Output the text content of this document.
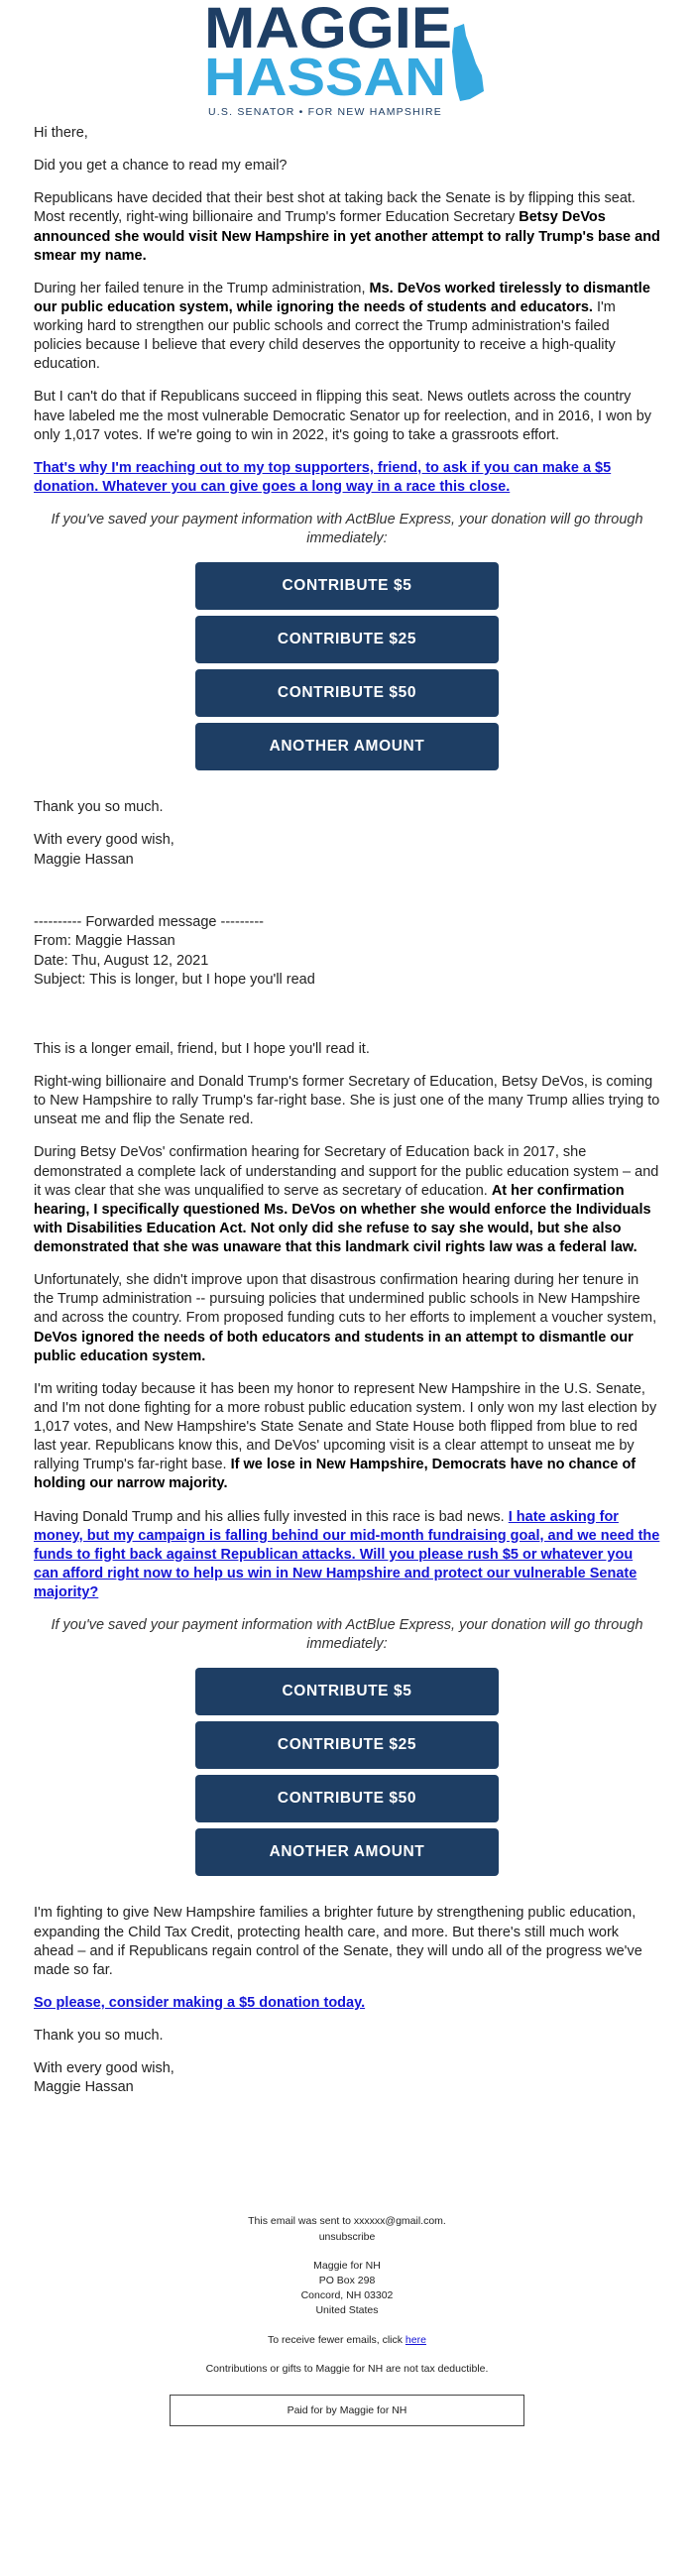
MAGGIE
HASSAN
U.S. SENATOR • FOR NEW HAMPSHIRE

Hi there,

Did you get a chance to read my email?

Republicans have decided that their best shot at taking back the Senate is by flipping this seat. Most recently, right-wing billionaire and Trump's former Education Secretary Betsy DeVos announced she would visit New Hampshire in yet another attempt to rally Trump's base and smear my name.

During her failed tenure in the Trump administration, Ms. DeVos worked tirelessly to dismantle our public education system, while ignoring the needs of students and educators. I'm working hard to strengthen our public schools and correct the Trump administration's failed policies because I believe that every child deserves the opportunity to receive a high-quality education.

But I can't do that if Republicans succeed in flipping this seat. News outlets across the country have labeled me the most vulnerable Democratic Senator up for reelection, and in 2016, I won by only 1,017 votes. If we're going to win in 2022, it's going to take a grassroots effort.

That's why I'm reaching out to my top supporters, friend, to ask if you can make a $5 donation. Whatever you can give goes a long way in a race this close.

If you've saved your payment information with ActBlue Express, your donation will go through immediately:

CONTRIBUTE $5
CONTRIBUTE $25
CONTRIBUTE $50
ANOTHER AMOUNT

Thank you so much.

With every good wish,
Maggie Hassan

---------- Forwarded message ---------
From: Maggie Hassan
Date: Thu, August 12, 2021
Subject: This is longer, but I hope you'll read

This is a longer email, friend, but I hope you'll read it.

Right-wing billionaire and Donald Trump's former Secretary of Education, Betsy DeVos, is coming to New Hampshire to rally Trump's far-right base. She is just one of the many Trump allies trying to unseat me and flip the Senate red.

During Betsy DeVos' confirmation hearing for Secretary of Education back in 2017, she demonstrated a complete lack of understanding and support for the public education system – and it was clear that she was unqualified to serve as secretary of education. At her confirmation hearing, I specifically questioned Ms. DeVos on whether she would enforce the Individuals with Disabilities Education Act. Not only did she refuse to say she would, but she also demonstrated that she was unaware that this landmark civil rights law was a federal law.

Unfortunately, she didn't improve upon that disastrous confirmation hearing during her tenure in the Trump administration -- pursuing policies that undermined public schools in New Hampshire and across the country. From proposed funding cuts to her efforts to implement a voucher system, DeVos ignored the needs of both educators and students in an attempt to dismantle our public education system.

I'm writing today because it has been my honor to represent New Hampshire in the U.S. Senate, and I'm not done fighting for a more robust public education system. I only won my last election by 1,017 votes, and New Hampshire's State Senate and State House both flipped from blue to red last year. Republicans know this, and DeVos' upcoming visit is a clear attempt to unseat me by rallying Trump's far-right base. If we lose in New Hampshire, Democrats have no chance of holding our narrow majority.

Having Donald Trump and his allies fully invested in this race is bad news. I hate asking for money, but my campaign is falling behind our mid-month fundraising goal, and we need the funds to fight back against Republican attacks. Will you please rush $5 or whatever you can afford right now to help us win in New Hampshire and protect our vulnerable Senate majority?

If you've saved your payment information with ActBlue Express, your donation will go through immediately:

CONTRIBUTE $5
CONTRIBUTE $25
CONTRIBUTE $50
ANOTHER AMOUNT

I'm fighting to give New Hampshire families a brighter future by strengthening public education, expanding the Child Tax Credit, protecting health care, and more. But there's still much work ahead – and if Republicans regain control of the Senate, they will undo all of the progress we've made so far.

So please, consider making a $5 donation today.

Thank you so much.

With every good wish,
Maggie Hassan

This email was sent to xxxxxx@gmail.com.
unsubscribe
Maggie for NH
PO Box 298
Concord, NH 03302
United States
To receive fewer emails, click here
Contributions or gifts to Maggie for NH are not tax deductible.
Paid for by Maggie for NH
